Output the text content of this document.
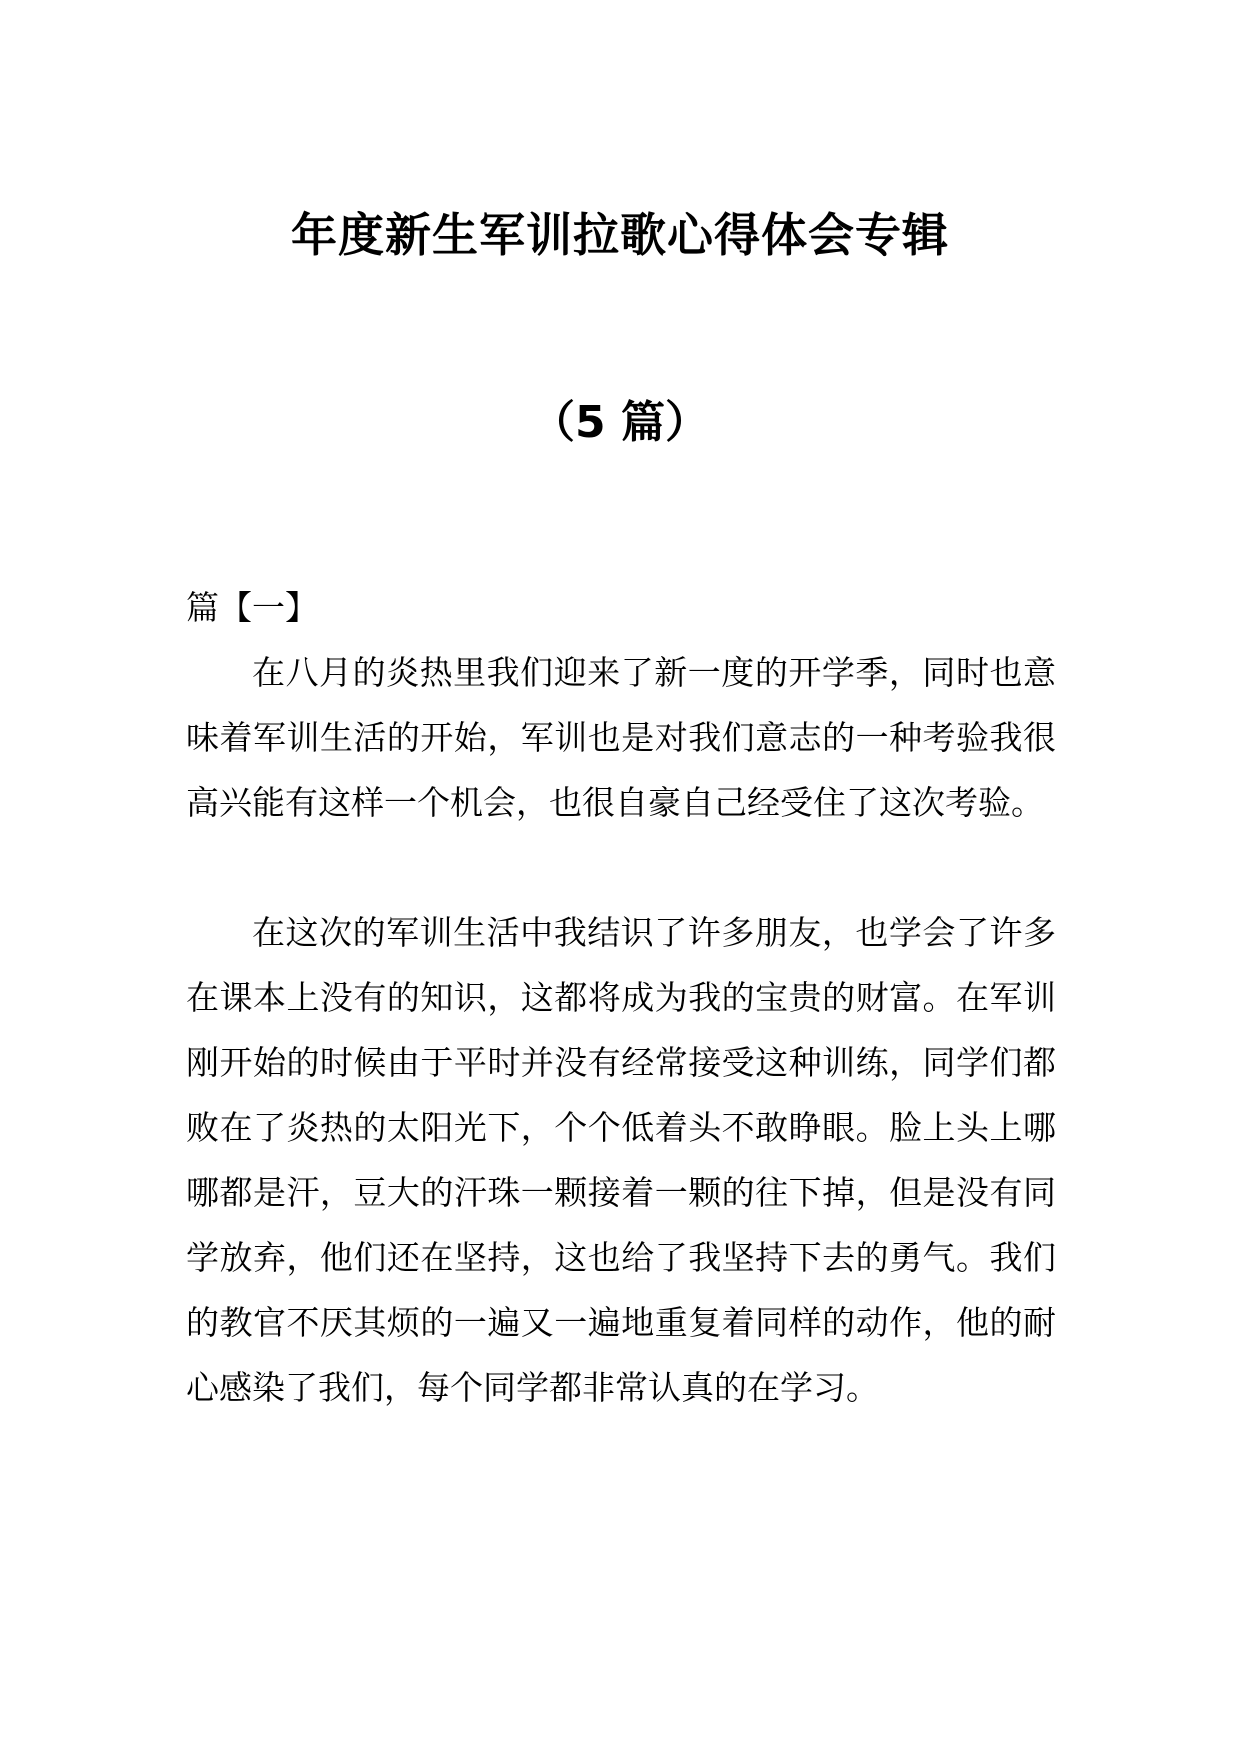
年度新生军训拉歌心得体会专辑
（5 篇）
篇【一】

在八月的炎热里我们迎来了新一度的开学季，同时也意味着军训生活的开始，军训也是对我们意志的一种考验我很高兴能有这样一个机会，也很自豪自己经受住了这次考验。

在这次的军训生活中我结识了许多朋友，也学会了许多在课本上没有的知识，这都将成为我的宝贵的财富。在军训刚开始的时候由于平时并没有经常接受这种训练，同学们都败在了炎热的太阳光下，个个低着头不敢睁眼。脸上头上哪哪都是汗，豆大的汗珠一颗接着一颗的往下掉，但是没有同学放弃，他们还在坚持，这也给了我坚持下去的勇气。我们的教官不厌其烦的一遍又一遍地重复着同样的动作，他的耐心感染了我们，每个同学都非常认真的在学习。
